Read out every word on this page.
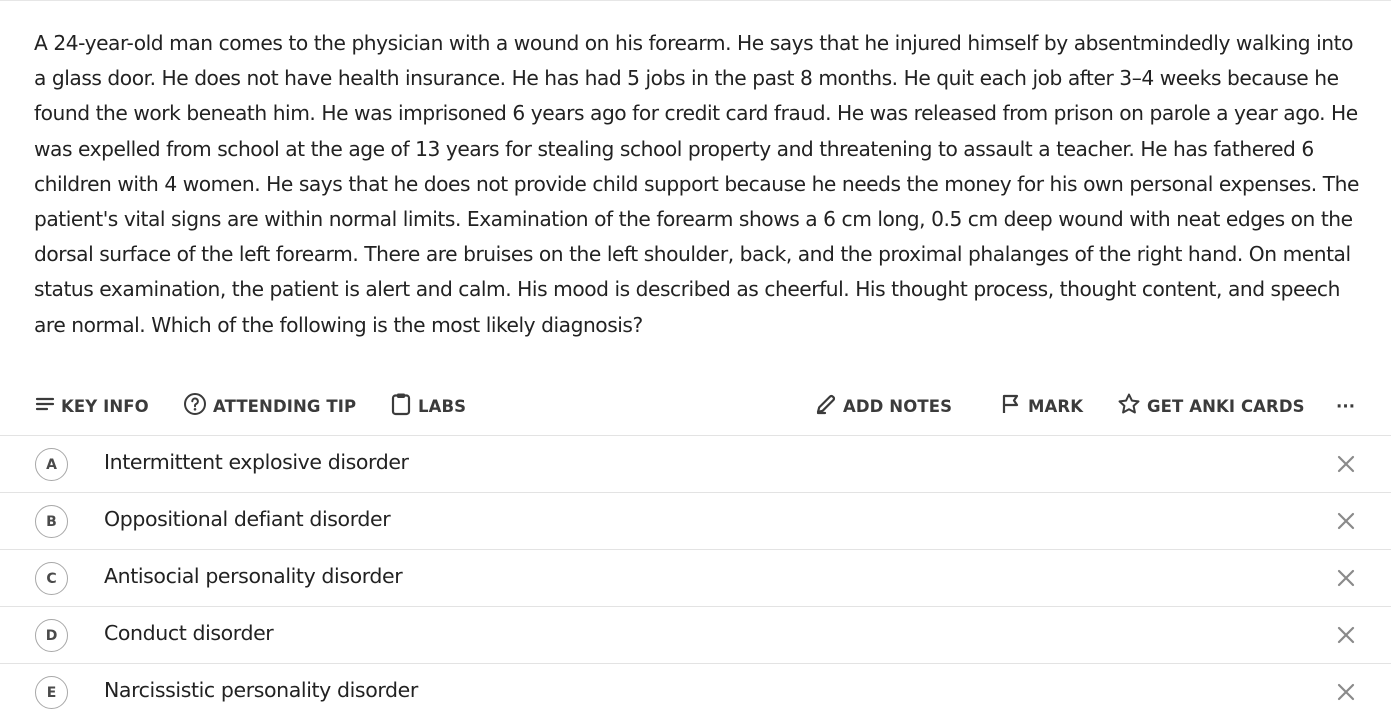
A 24-year-old man comes to the physician with a wound on his forearm. He says that he injured himself by absentmindedly walking into a glass door. He does not have health insurance. He has had 5 jobs in the past 8 months. He quit each job after 3–4 weeks because he found the work beneath him. He was imprisoned 6 years ago for credit card fraud. He was released from prison on parole a year ago. He was expelled from school at the age of 13 years for stealing school property and threatening to assault a teacher. He has fathered 6 children with 4 women. He says that he does not provide child support because he needs the money for his own personal expenses. The patient's vital signs are within normal limits. Examination of the forearm shows a 6 cm long, 0.5 cm deep wound with neat edges on the dorsal surface of the left forearm. There are bruises on the left shoulder, back, and the proximal phalanges of the right hand. On mental status examination, the patient is alert and calm. His mood is described as cheerful. His thought process, thought content, and speech are normal. Which of the following is the most likely diagnosis?

KEY INFO	ATTENDING TIP	LABS	ADD NOTES	MARK	GET ANKI CARDS ···
A	Intermittent explosive disorder
B	Oppositional defiant disorder
C	Antisocial personality disorder
D	Conduct disorder
E	Narcissistic personality disorder
